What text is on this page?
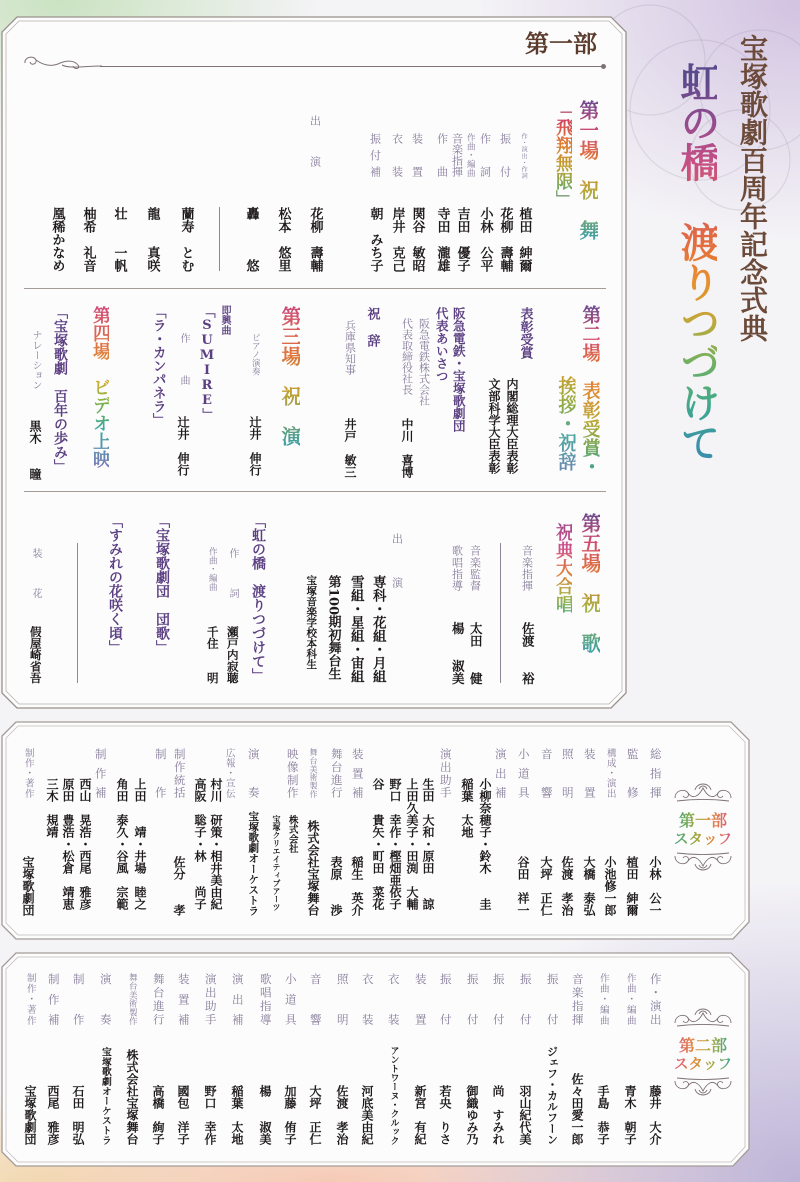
宝塚歌劇百周年記念式典
虹の橋　渡りつづけて
第一部
第一場　祝　舞
「飛翔無限」
作・演出・作詞
振付
作詞
作曲・編曲
音楽指揮
作曲
装置
衣装
振付補
植田　紳爾
花柳　壽輔
小林　公平
吉田　優子
寺田　瀧雄
関谷　敏昭
岸井　克己
朝　みち子
出演
花柳　壽輔
松本　悠里
轟　　　悠
蘭寿　とむ
龍　　真咲
壮　　一帆
柚希　礼音
凰稀かなめ
第二場　表彰受賞・
挨拶・祝辞
表彰受賞
内閣総理大臣表彰
文部科学大臣表彰
阪急電鉄・宝塚歌劇団
代表あいさつ
阪急電鉄株式会社
代表取締役社長
中川　喜博
祝辞
兵庫県知事
井戸　敏三
第三場　祝　演
ピアノ演奏
辻井　伸行
即興曲
「SUMIRE」
作曲
辻井　伸行
「ラ・カンパネラ」
第四場　ビデオ上映
「宝塚歌劇　百年の歩み」
ナレーション
黒木　　瞳
第五場　祝　歌
祝典大合唱
音楽指揮
佐渡　　裕
音楽監督
太田　　健
歌唱指導
楊　　淑美
出演
専科・花組・月組
雪組・星組・宙組
第100期初舞台生
宝塚音楽学校本科生
「虹の橋　渡りつづけて」
作詞
瀬戸内寂聴
作曲・編曲
千住　　明
「宝塚歌劇団　団歌」
「すみれの花咲く頃」
装花
假屋崎省吾
第一部
スタッフ
総指揮
小林　公一
監修
植田　紳爾
構成・演出
小池修一郎
装置
大橋　泰弘
照明
佐渡　孝治
音響
大坪　正仁
小道具
谷田　祥一
演出補
小柳奈穂子・鈴木　　圭
稲葉　太地
演出助手
生田　大和・原田　　諒
上田久美子・田渕　大輔
野口　幸作・樫畑亜依子
谷　　貴矢・町田　菜花
装置補
稲生　英介
舞台進行
表原　　渉
舞台美術製作
株式会社宝塚舞台
映像制作
株式会社
宝塚クリエイティブアーツ
演奏
宝塚歌劇オーケストラ
広報・宣伝
村川　研策・相井美由紀
高阪　聡子・林　　尚子
制作統括
佐分　　孝
制作
上田　　靖・井場　睦之
角田　泰久・谷風　宗範
制作補
西山　晃浩・西尾　雅彦
原田　豊浩・松倉　靖恵
三木　規靖
制作・著作
宝塚歌劇団
第二部
スタッフ
作・演出
藤井　大介
作曲・編曲
青木　朝子
作曲・編曲
手島　恭子
音楽指揮
佐々田愛一郎
振付
ジェフ・カルフーン
振付
羽山紀代美
振付
尚　すみれ
振付
御織ゆみ乃
振付
若央　りさ
装置
新宮　有紀
衣装
アントワーヌ・クルック
衣装
河底美由紀
照明
佐渡　孝治
音響
大坪　正仁
小道具
加藤　侑子
歌唱指導
楊　　淑美
演出補
稲葉　太地
演出助手
野口　幸作
装置補
國包　洋子
舞台進行
高橋　絢子
舞台美術製作
株式会社宝塚舞台
演奏
宝塚歌劇オーケストラ
制作
石田　明弘
制作補
西尾　雅彦
制作・著作
宝塚歌劇団
